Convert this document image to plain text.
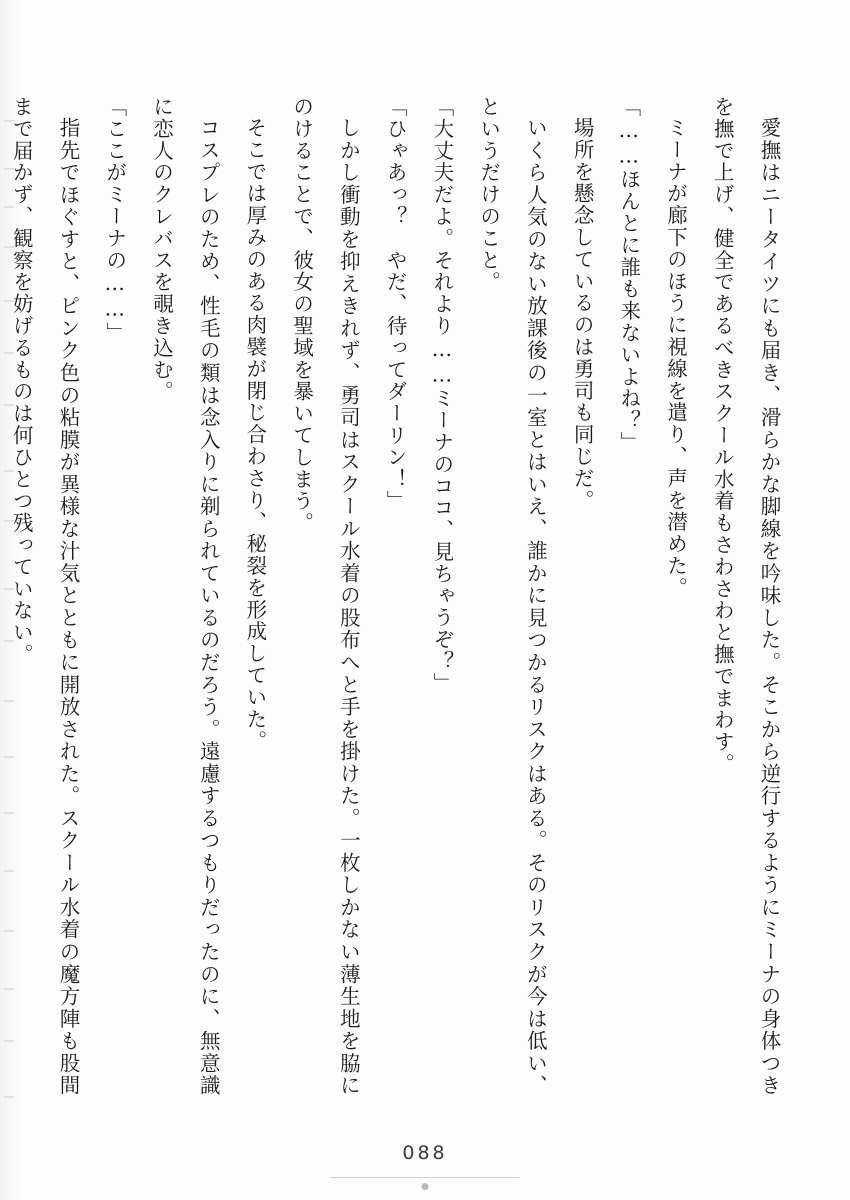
愛撫はニータイツにも届き、滑らかな脚線を吟味した。そこから逆行するようにミーナの身体つきを撫で上げ、健全であるべきスクール水着もさわさわと撫でまわす。

ミーナが廊下のほうに視線を遣り、声を潜めた。

「……ほんとに誰も来ないよね？」

場所を懸念しているのは勇司も同じだ。

いくら人気のない放課後の一室とはいえ、誰かに見つかるリスクはある。そのリスクが今は低い、というだけのこと。

「大丈夫だよ。それより……ミーナのココ、見ちゃうぞ？」

「ひゃあっ？　やだ、待ってダーリン！」

しかし衝動を抑えきれず、勇司はスクール水着の股布へと手を掛けた。一枚しかない薄生地を脇にのけることで、彼女の聖域を暴いてしまう。

そこでは厚みのある肉襞が閉じ合わさり、秘裂を形成していた。

コスプレのため、性毛の類は念入りに剃られているのだろう。遠慮するつもりだったのに、無意識に恋人のクレバスを覗き込む。

「ここがミーナの……」

指先でほぐすと、ピンク色の粘膜が異様な汁気とともに開放された。スクール水着の魔方陣も股間まで届かず、観察を妨げるものは何ひとつ残っていない。

088
